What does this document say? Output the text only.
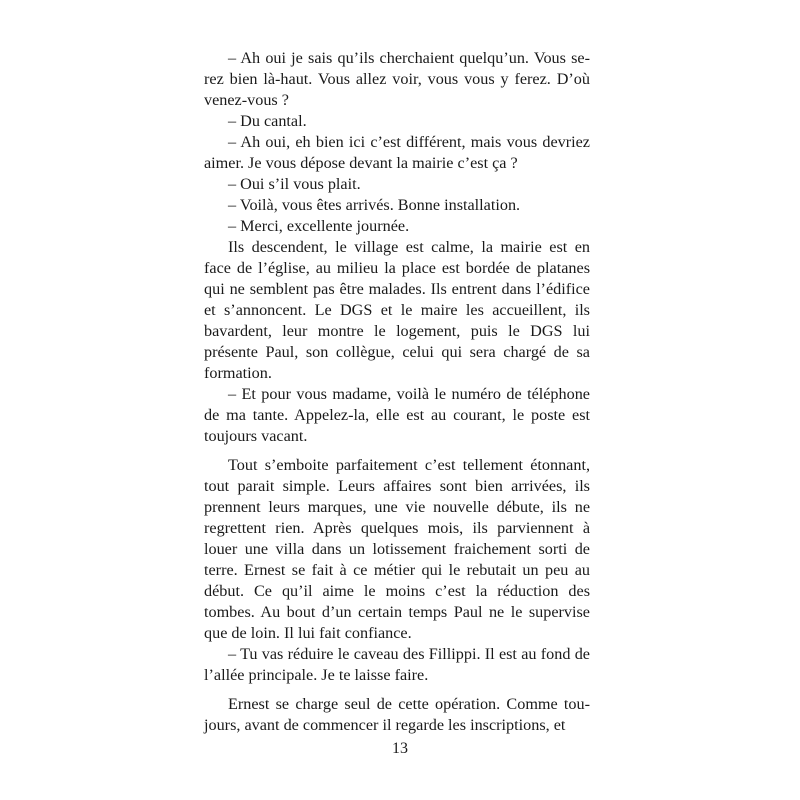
– Ah oui je sais qu’ils cherchaient quelqu’un. Vous serez bien là-haut. Vous allez voir, vous vous y ferez. D’où venez-vous ?

– Du cantal.

– Ah oui, eh bien ici c’est différent, mais vous devriez aimer. Je vous dépose devant la mairie c’est ça ?

– Oui s’il vous plait.

– Voilà, vous êtes arrivés. Bonne installation.

– Merci, excellente journée.

Ils descendent, le village est calme, la mairie est en face de l’église, au milieu la place est bordée de platanes qui ne semblent pas être malades. Ils entrent dans l’édifice et s’annoncent. Le DGS et le maire les accueillent, ils bavardent, leur montre le logement, puis le DGS lui présente Paul, son collègue, celui qui sera chargé de sa formation.

– Et pour vous madame, voilà le numéro de téléphone de ma tante. Appelez-la, elle est au courant, le poste est toujours vacant.

Tout s’emboite parfaitement c’est tellement étonnant, tout parait simple. Leurs affaires sont bien arrivées, ils prennent leurs marques, une vie nouvelle débute, ils ne regrettent rien. Après quelques mois, ils parviennent à louer une villa dans un lotissement fraichement sorti de terre. Ernest se fait à ce métier qui le rebutait un peu au début. Ce qu’il aime le moins c’est la réduction des tombes. Au bout d’un certain temps Paul ne le supervise que de loin. Il lui fait confiance.

– Tu vas réduire le caveau des Fillippi. Il est au fond de l’allée principale. Je te laisse faire.

Ernest se charge seul de cette opération. Comme toujours, avant de commencer il regarde les inscriptions, et

13
